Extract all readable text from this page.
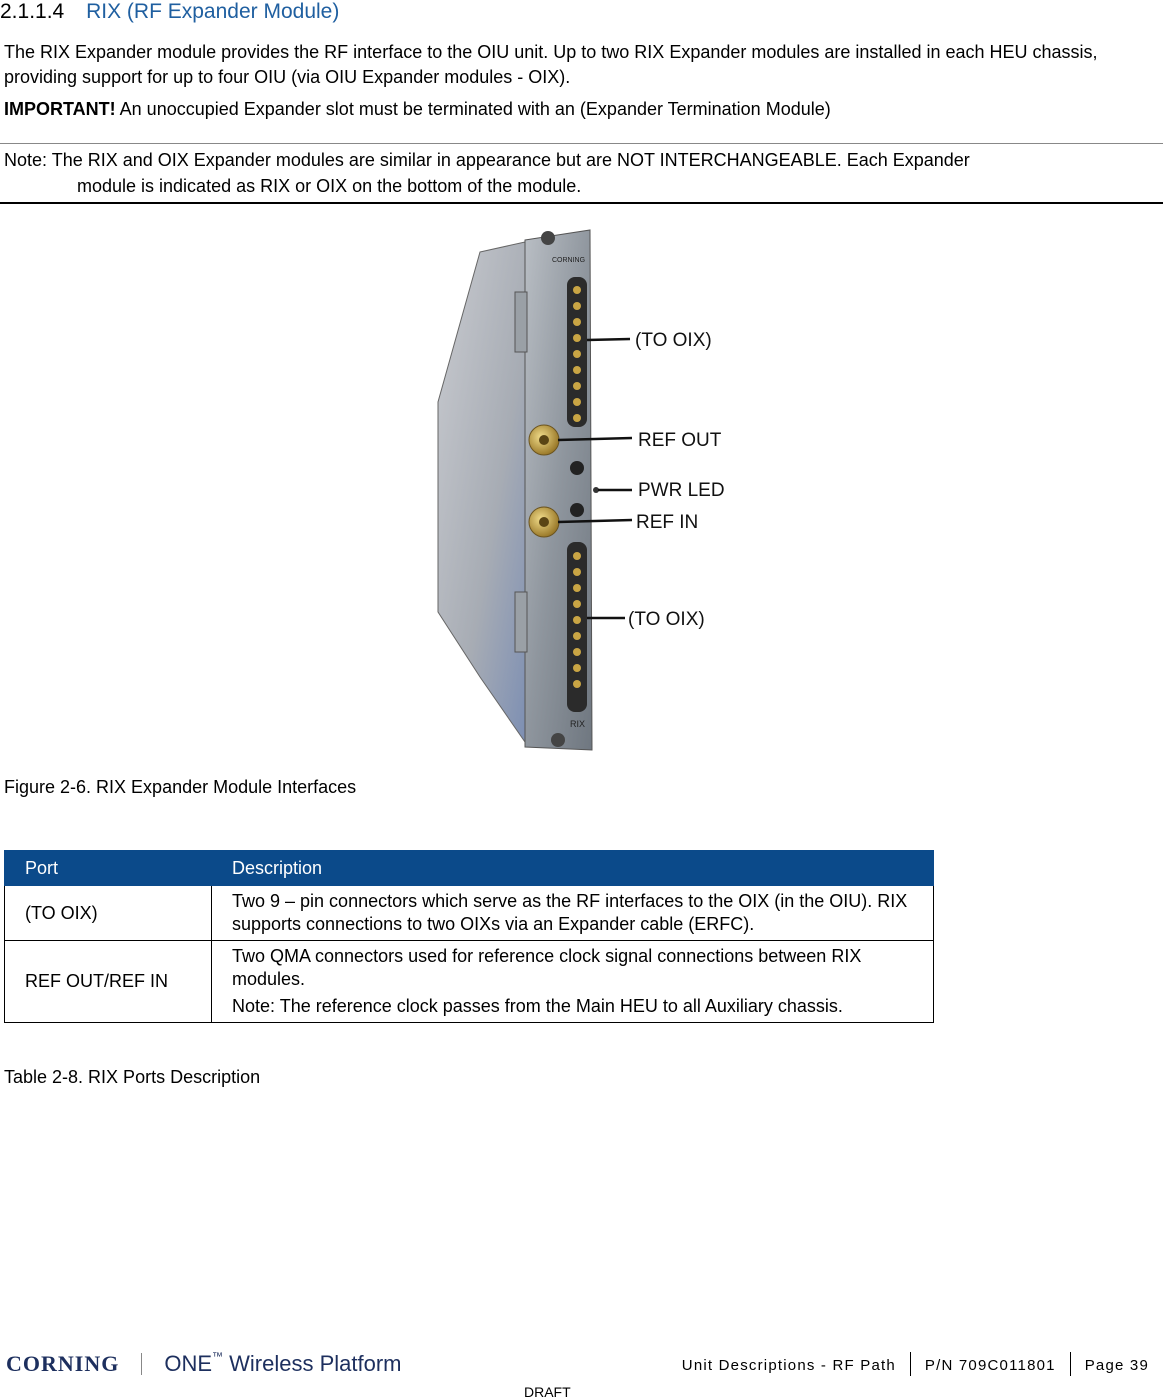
2.1.1.4 RIX (RF Expander Module)
The RIX Expander module provides the RF interface to the OIU unit. Up to two RIX Expander modules are installed in each HEU chassis, providing support for up to four OIU (via OIU Expander modules - OIX).
IMPORTANT! An unoccupied Expander slot must be terminated with an (Expander Termination Module)
Note: The RIX and OIX Expander modules are similar in appearance but are NOT INTERCHANGEABLE. Each Expander
module is indicated as RIX or OIX on the bottom of the module.
CORNING
RIX
(TO OIX)
REF OUT
PWR LED
REF IN
(TO OIX)
Figure 2-6. RIX Expander Module Interfaces
Port	Description
(TO OIX)	Two 9 – pin connectors which serve as the RF interfaces to the OIX (in the OIU). RIX supports connections to two OIXs via an Expander cable (ERFC).
REF OUT/REF IN	Two QMA connectors used for reference clock signal connections between RIX modules.
Note: The reference clock passes from the Main HEU to all Auxiliary chassis.
Table 2-8. RIX Ports Description
CORNING ONE™ Wireless Platform	Unit Descriptions - RF Path P/N 709C011801 Page 39
DRAFT
